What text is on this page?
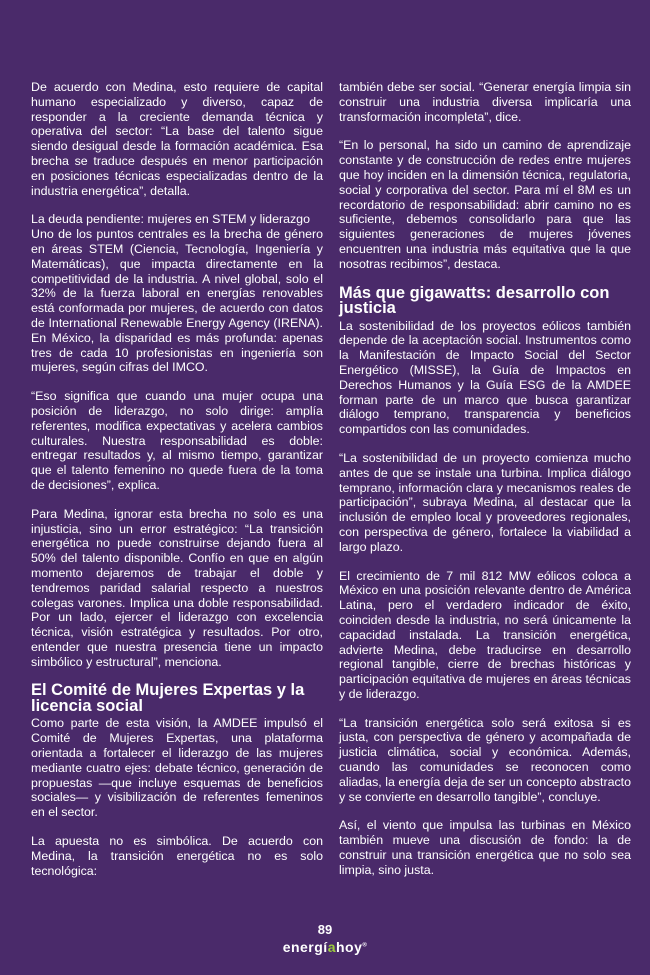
De acuerdo con Medina, esto requiere de capital humano especializado y diverso, capaz de responder a la creciente demanda técnica y operativa del sector: “La base del talento sigue siendo desigual desde la formación académica. Esa brecha se traduce después en menor participación en posiciones técnicas especializadas dentro de la industria energética”, detalla.

La deuda pendiente: mujeres en STEM y liderazgo

Uno de los puntos centrales es la brecha de género en áreas STEM (Ciencia, Tecnología, Ingeniería y Matemáticas), que impacta directamente en la competitividad de la industria. A nivel global, solo el 32% de la fuerza laboral en energías renovables está conformada por mujeres, de acuerdo con datos de International Renewable Energy Agency (IRENA). En México, la disparidad es más profunda: apenas tres de cada 10 profesionistas en ingeniería son mujeres, según cifras del IMCO.

“Eso significa que cuando una mujer ocupa una posición de liderazgo, no solo dirige: amplía referentes, modifica expectativas y acelera cambios culturales. Nuestra responsabilidad es doble: entregar resultados y, al mismo tiempo, garantizar que el talento femenino no quede fuera de la toma de decisiones”, explica.

Para Medina, ignorar esta brecha no solo es una injusticia, sino un error estratégico: “La transición energética no puede construirse dejando fuera al 50% del talento disponible. Confío en que en algún momento dejaremos de trabajar el doble y tendremos paridad salarial respecto a nuestros colegas varones. Implica una doble responsabilidad. Por un lado, ejercer el liderazgo con excelencia técnica, visión estratégica y resultados. Por otro, entender que nuestra presencia tiene un impacto simbólico y estructural”, menciona.

El Comité de Mujeres Expertas y la licencia social

Como parte de esta visión, la AMDEE impulsó el Comité de Mujeres Expertas, una plataforma orientada a fortalecer el liderazgo de las mujeres mediante cuatro ejes: debate técnico, generación de propuestas —que incluye esquemas de beneficios sociales— y visibilización de referentes femeninos en el sector.

La apuesta no es simbólica. De acuerdo con Medina, la transición energética no es solo tecnológica:

también debe ser social. “Generar energía limpia sin construir una industria diversa implicaría una transformación incompleta”, dice.

“En lo personal, ha sido un camino de aprendizaje constante y de construcción de redes entre mujeres que hoy inciden en la dimensión técnica, regulatoria, social y corporativa del sector. Para mí el 8M es un recordatorio de responsabilidad: abrir camino no es suficiente, debemos consolidarlo para que las siguientes generaciones de mujeres jóvenes encuentren una industria más equitativa que la que nosotras recibimos”, destaca.

Más que gigawatts: desarrollo con justicia

La sostenibilidad de los proyectos eólicos también depende de la aceptación social. Instrumentos como la Manifestación de Impacto Social del Sector Energético (MISSE), la Guía de Impactos en Derechos Humanos y la Guía ESG de la AMDEE forman parte de un marco que busca garantizar diálogo temprano, transparencia y beneficios compartidos con las comunidades.

“La sostenibilidad de un proyecto comienza mucho antes de que se instale una turbina. Implica diálogo temprano, información clara y mecanismos reales de participación”, subraya Medina, al destacar que la inclusión de empleo local y proveedores regionales, con perspectiva de género, fortalece la viabilidad a largo plazo.

El crecimiento de 7 mil 812 MW eólicos coloca a México en una posición relevante dentro de América Latina, pero el verdadero indicador de éxito, coinciden desde la industria, no será únicamente la capacidad instalada. La transición energética, advierte Medina, debe traducirse en desarrollo regional tangible, cierre de brechas históricas y participación equitativa de mujeres en áreas técnicas y de liderazgo.

“La transición energética solo será exitosa si es justa, con perspectiva de género y acompañada de justicia climática, social y económica. Además, cuando las comunidades se reconocen como aliadas, la energía deja de ser un concepto abstracto y se convierte en desarrollo tangible”, concluye.

Así, el viento que impulsa las turbinas en México también mueve una discusión de fondo: la de construir una transición energética que no solo sea limpia, sino justa.

89
energíahoy®
